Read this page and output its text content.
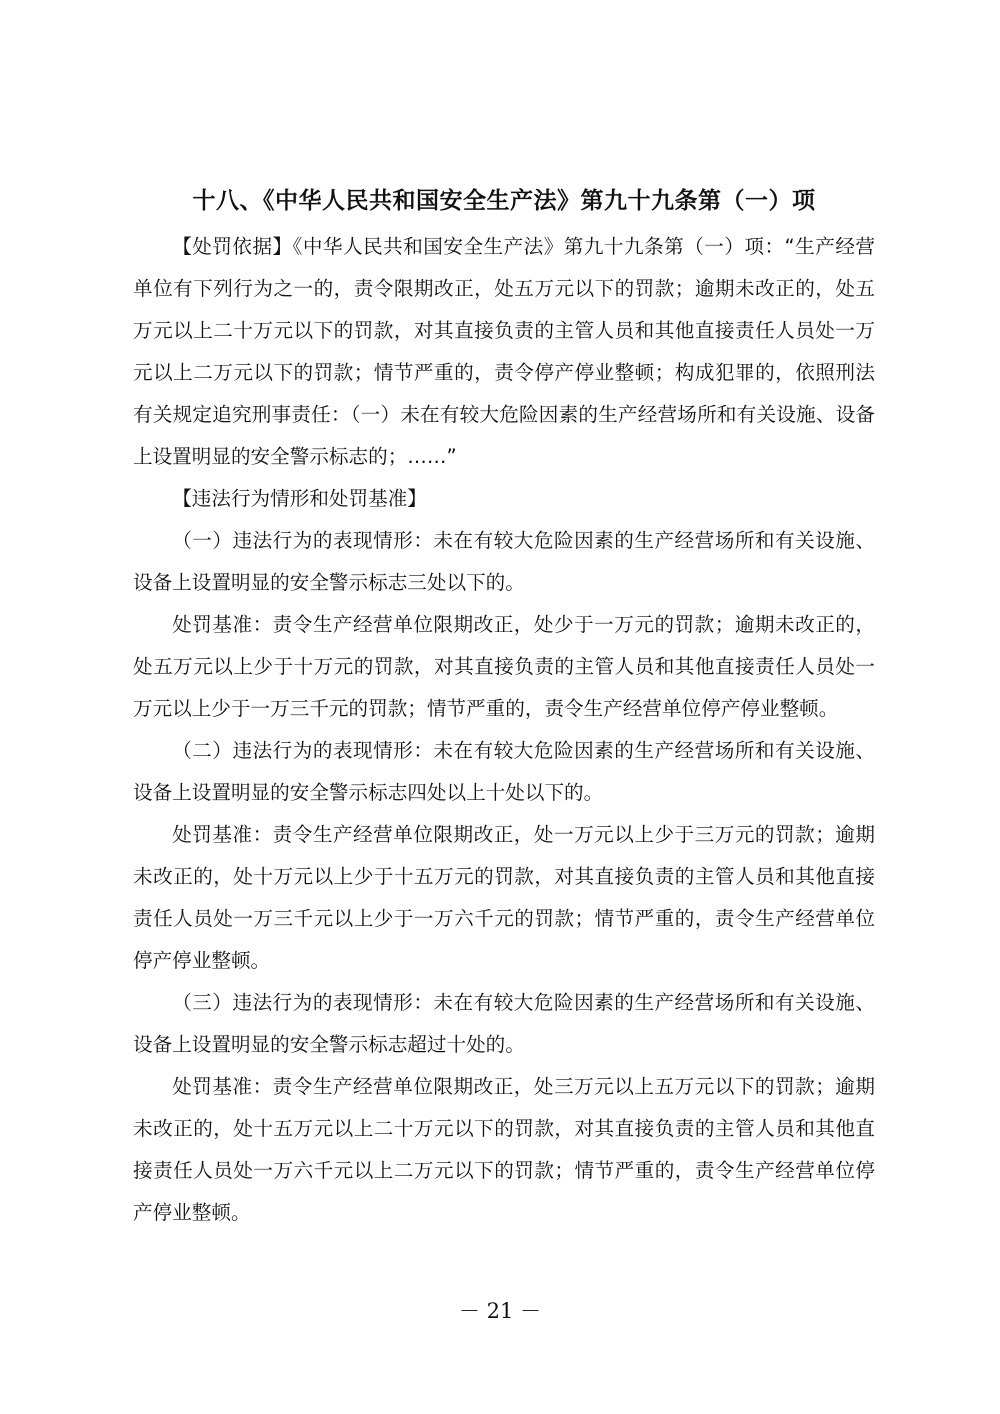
十八、《中华人民共和国安全生产法》第九十九条第（一）项

【处罚依据】《中华人民共和国安全生产法》第九十九条第（一）项：“生产经营单位有下列行为之一的，责令限期改正，处五万元以下的罚款；逾期未改正的，处五万元以上二十万元以下的罚款，对其直接负责的主管人员和其他直接责任人员处一万元以上二万元以下的罚款；情节严重的，责令停产停业整顿；构成犯罪的，依照刑法有关规定追究刑事责任：（一）未在有较大危险因素的生产经营场所和有关设施、设备上设置明显的安全警示标志的；……”

【违法行为情形和处罚基准】

（一）违法行为的表现情形：未在有较大危险因素的生产经营场所和有关设施、设备上设置明显的安全警示标志三处以下的。

处罚基准：责令生产经营单位限期改正，处少于一万元的罚款；逾期未改正的，处五万元以上少于十万元的罚款，对其直接负责的主管人员和其他直接责任人员处一万元以上少于一万三千元的罚款；情节严重的，责令生产经营单位停产停业整顿。

（二）违法行为的表现情形：未在有较大危险因素的生产经营场所和有关设施、设备上设置明显的安全警示标志四处以上十处以下的。

处罚基准：责令生产经营单位限期改正，处一万元以上少于三万元的罚款；逾期未改正的，处十万元以上少于十五万元的罚款，对其直接负责的主管人员和其他直接责任人员处一万三千元以上少于一万六千元的罚款；情节严重的，责令生产经营单位停产停业整顿。

（三）违法行为的表现情形：未在有较大危险因素的生产经营场所和有关设施、设备上设置明显的安全警示标志超过十处的。

处罚基准：责令生产经营单位限期改正，处三万元以上五万元以下的罚款；逾期未改正的，处十五万元以上二十万元以下的罚款，对其直接负责的主管人员和其他直接责任人员处一万六千元以上二万元以下的罚款；情节严重的，责令生产经营单位停产停业整顿。

－ 21 －
